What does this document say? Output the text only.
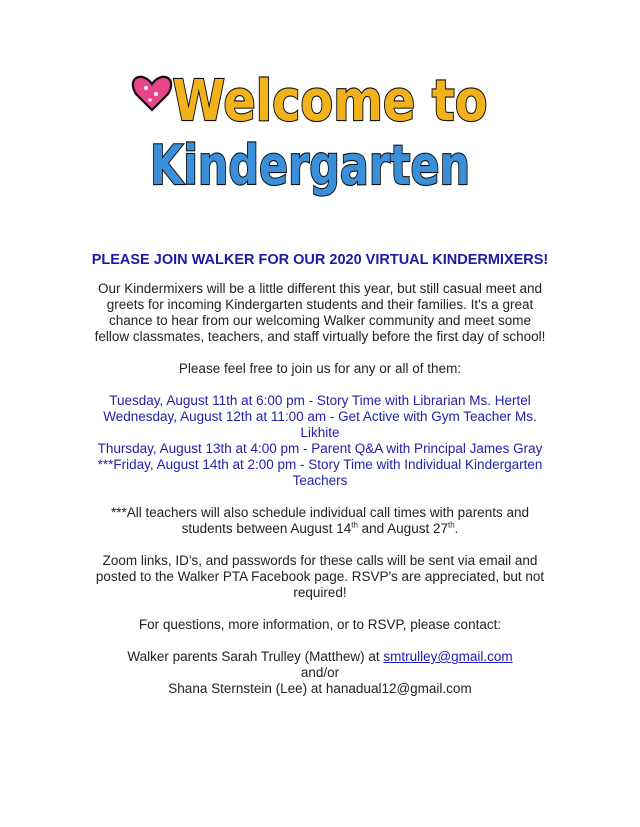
Welcome to
Kindergarten
PLEASE JOIN WALKER FOR OUR 2020 VIRTUAL KINDERMIXERS!
Our Kindermixers will be a little different this year, but still casual meet and greets for incoming Kindergarten students and their families. It's a great chance to hear from our welcoming Walker community and meet some fellow classmates, teachers, and staff virtually before the first day of school!
Please feel free to join us for any or all of them:
Tuesday, August 11th at 6:00 pm - Story Time with Librarian Ms. Hertel
Wednesday, August 12th at 11:00 am - Get Active with Gym Teacher Ms. Likhite
Thursday, August 13th at 4:00 pm - Parent Q&A with Principal James Gray
***Friday, August 14th at 2:00 pm - Story Time with Individual Kindergarten Teachers
***All teachers will also schedule individual call times with parents and students between August 14th and August 27th.
Zoom links, ID's, and passwords for these calls will be sent via email and posted to the Walker PTA Facebook page. RSVP's are appreciated, but not required!
For questions, more information, or to RSVP, please contact:
Walker parents Sarah Trulley (Matthew) at smtrulley@gmail.com
and/or
Shana Sternstein (Lee) at hanadual12@gmail.com
